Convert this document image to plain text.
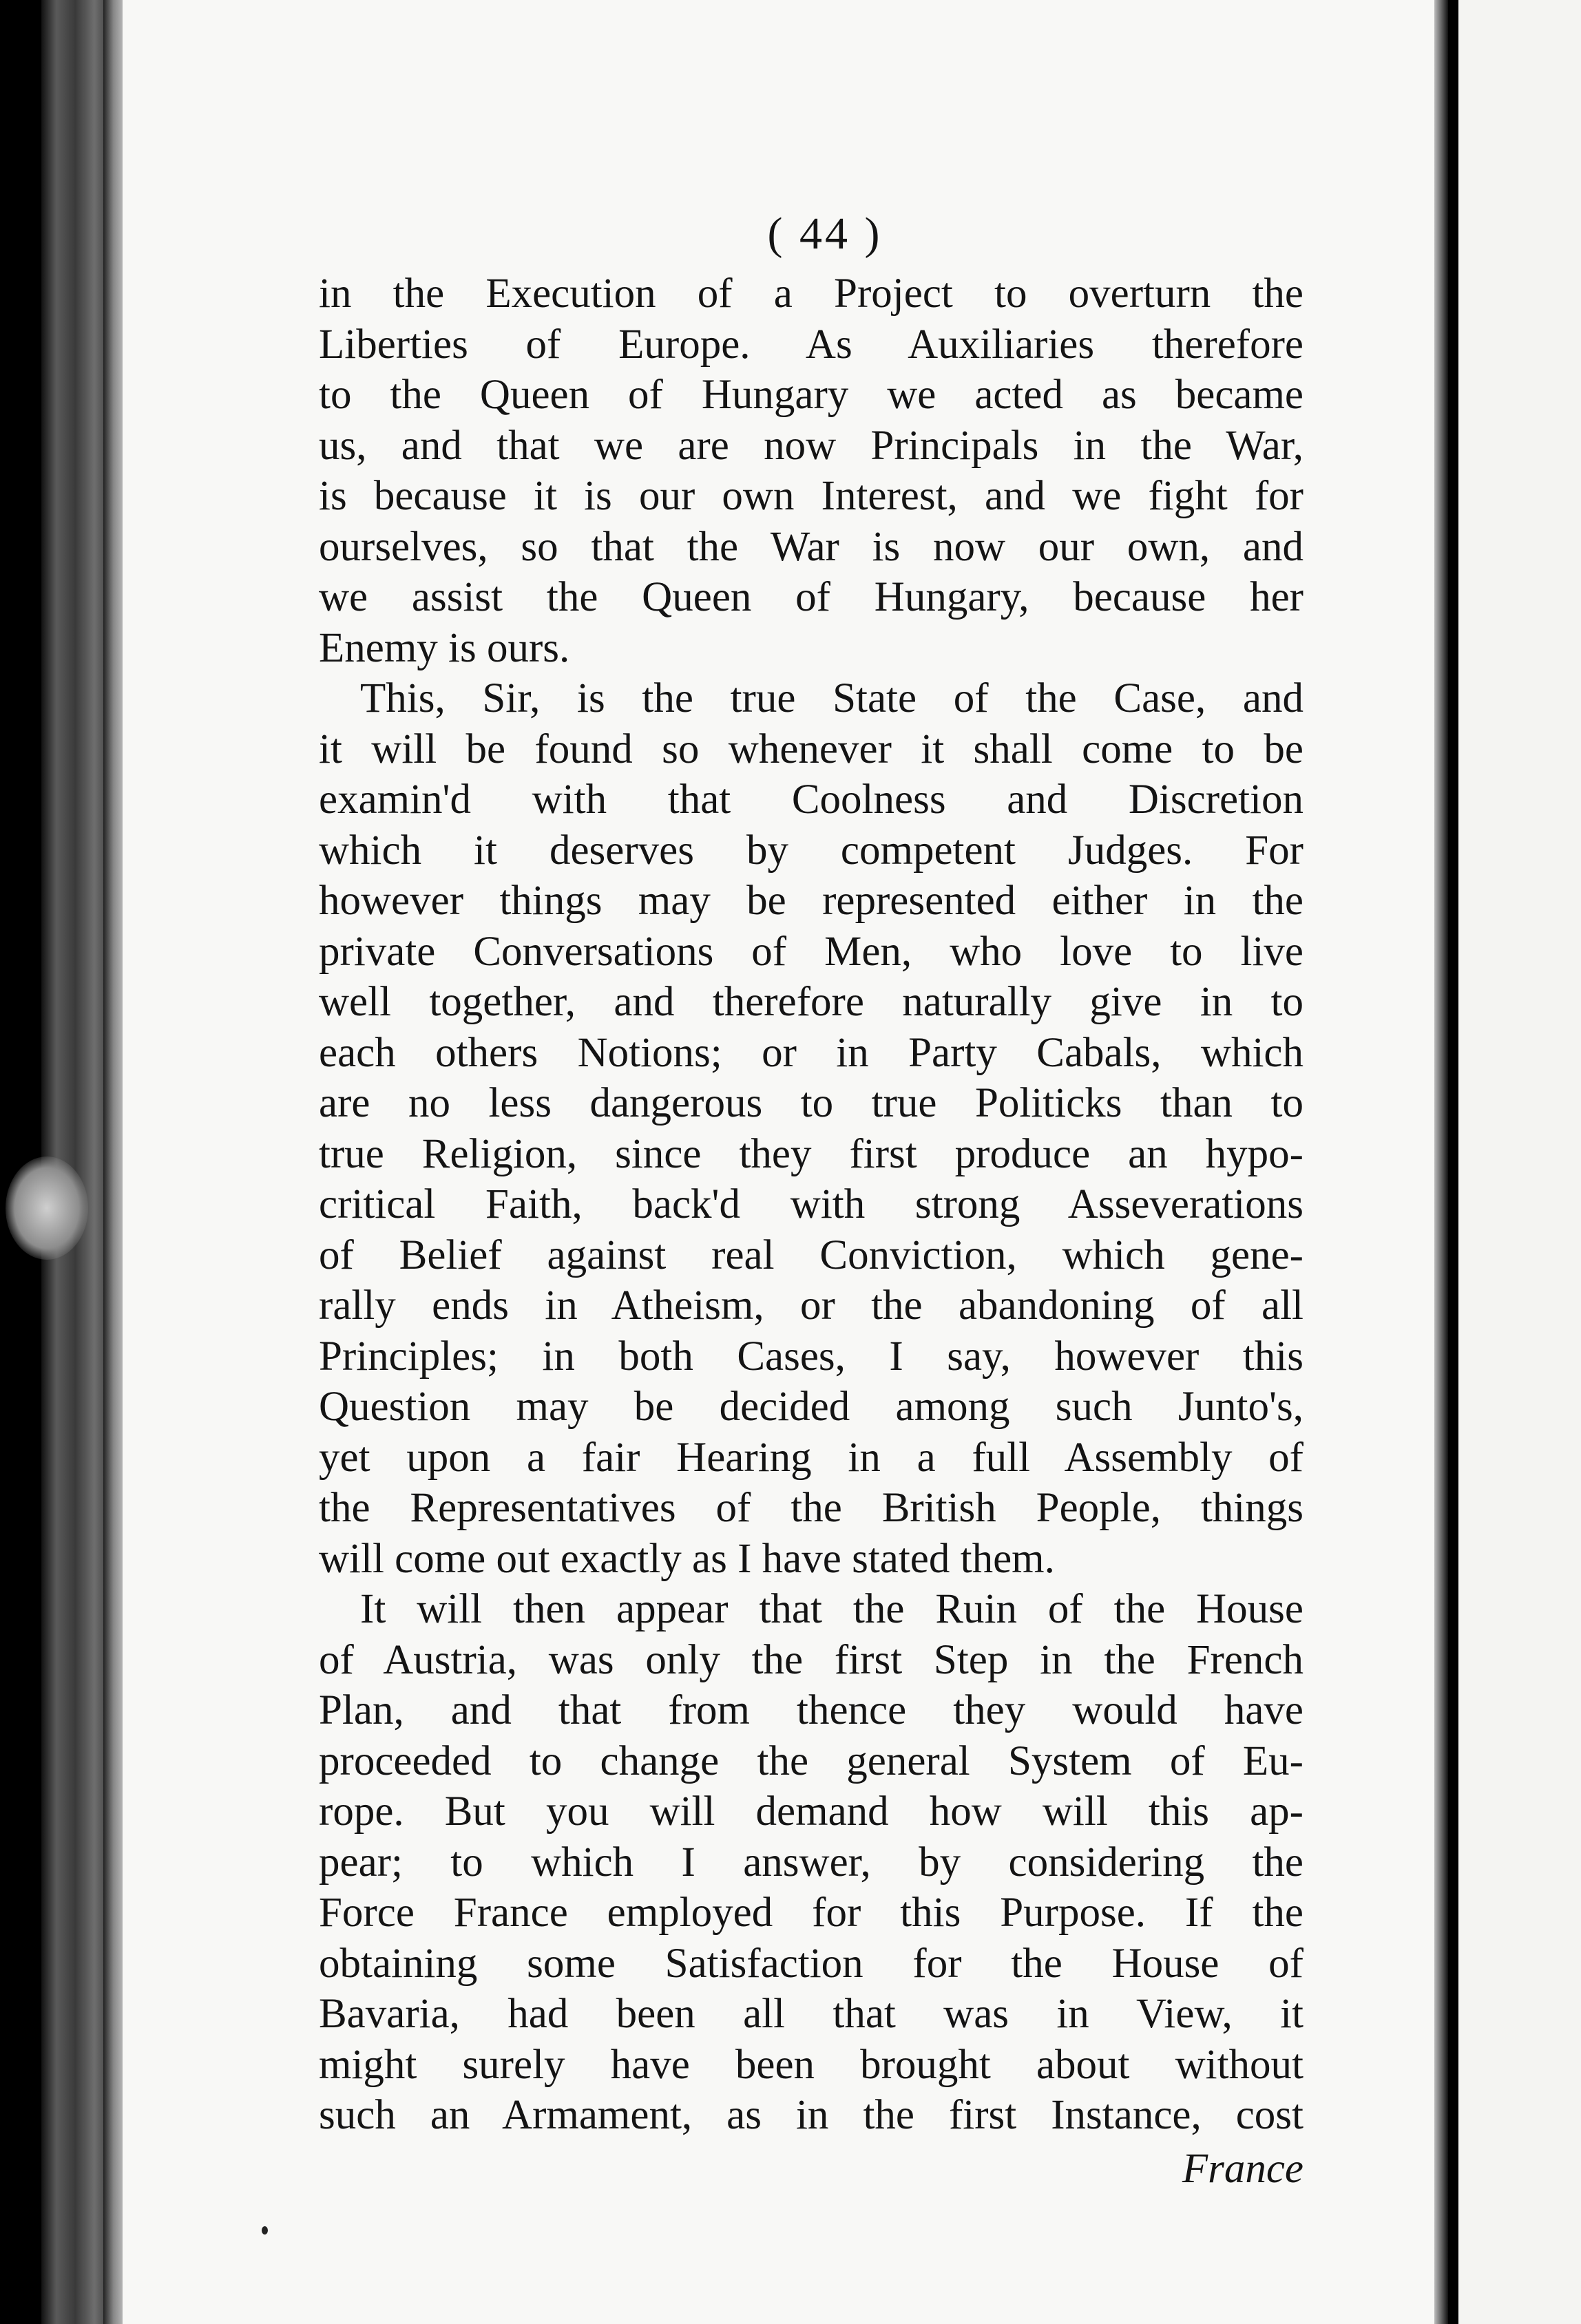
( 44 )
in the Execution of a Project to overturn the
Liberties of Europe. As Auxiliaries therefore
to the Queen of Hungary we acted as became
us, and that we are now Principals in the War,
is because it is our own Interest, and we fight for
ourselves, so that the War is now our own, and
we assist the Queen of Hungary, because her
Enemy is ours.
This, Sir, is the true State of the Case, and
it will be found so whenever it shall come to be
examin'd with that Coolness and Discretion
which it deserves by competent Judges. For
however things may be represented either in the
private Conversations of Men, who love to live
well together, and therefore naturally give in to
each others Notions; or in Party Cabals, which
are no less dangerous to true Politicks than to
true Religion, since they first produce an hypo-
critical Faith, back'd with strong Asseverations
of Belief against real Conviction, which gene-
rally ends in Atheism, or the abandoning of all
Principles; in both Cases, I say, however this
Question may be decided among such Junto's,
yet upon a fair Hearing in a full Assembly of
the Representatives of the British People, things
will come out exactly as I have stated them.
It will then appear that the Ruin of the House
of Austria, was only the first Step in the French
Plan, and that from thence they would have
proceeded to change the general System of Eu-
rope. But you will demand how will this ap-
pear; to which I answer, by considering the
Force France employed for this Purpose. If the
obtaining some Satisfaction for the House of
Bavaria, had been all that was in View, it
might surely have been brought about without
such an Armament, as in the first Instance, cost
France
